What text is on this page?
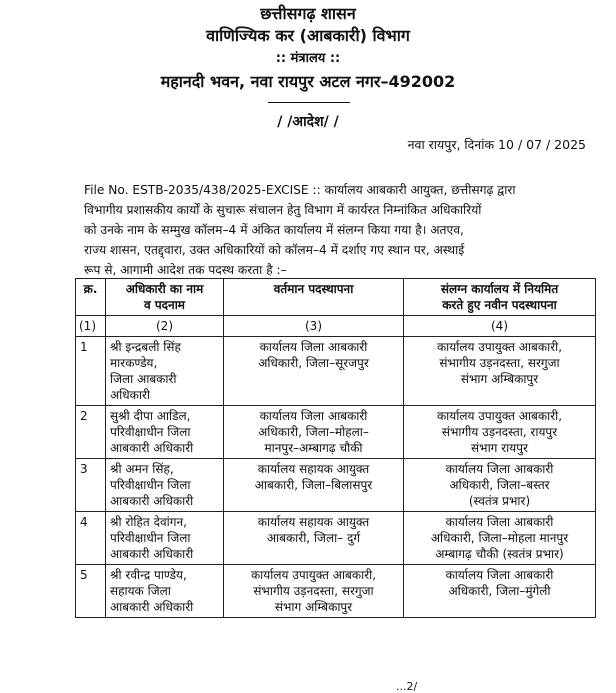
छत्तीसगढ़ शासन
वाणिज्यिक कर (आबकारी) विभाग
:: मंत्रालय ::
महानदी भवन, नवा रायपुर अटल नगर–492002
/ /आदेश/ /
नवा रायपुर, दिनांक 10 / 07 / 2025
File No. ESTB-2035/438/2025-EXCISE :: कार्यालय आबकारी आयुक्त, छत्तीसगढ़ द्वारा
विभागीय प्रशासकीय कार्यों के सुचारू संचालन हेतु विभाग में कार्यरत निम्नांकित अधिकारियों
को उनके नाम के सम्मुख कॉलम–4 में अंकित कार्यालय में संलग्न किया गया है। अतएव,
राज्य शासन, एतद्द्वारा, उक्त अधिकारियों को कॉलम–4 में दर्शाए गए स्थान पर, अस्थाई
रूप से, आगामी आदेश तक पदस्थ करता है :–
क्र.	अधिकारी का नाम
व पदनाम	वर्तमान पदस्थापना	संलग्न कार्यालय में नियमित
करते हुए नवीन पदस्थापना

(1)	(2)	(3)	(4)
1	श्री इन्द्रबली सिंह
मारकण्डेय,
जिला आबकारी
अधिकारी	कार्यालय जिला आबकारी
अधिकारी, जिला–सूरजपुर	कार्यालय उपायुक्त आबकारी,
संभागीय उड़नदस्ता, सरगुजा
संभाग अम्बिकापुर

2	सुश्री दीपा आडिल,
परिवीक्षाधीन जिला
आबकारी अधिकारी	कार्यालय जिला आबकारी
अधिकारी, जिला–मोहला–
मानपुर–अम्बागढ़ चौकी	कार्यालय उपायुक्त आबकारी,
संभागीय उड़नदस्ता, रायपुर
संभाग रायपुर

3	श्री अमन सिंह,
परिवीक्षाधीन जिला
आबकारी अधिकारी	कार्यालय सहायक आयुक्त
आबकारी, जिला–बिलासपुर	कार्यालय जिला आबकारी
अधिकारी, जिला–बस्तर
(स्वतंत्र प्रभार)

4	श्री रोहित देवांगन,
परिवीक्षाधीन जिला
आबकारी अधिकारी	कार्यालय सहायक आयुक्त
आबकारी, जिला– दुर्ग	कार्यालय जिला आबकारी
अधिकारी, जिला–मोहला मानपुर
अम्बागढ़ चौकी (स्वतंत्र प्रभार)

5	श्री रवीन्द्र पाण्डेय,
सहायक जिला
आबकारी अधिकारी	कार्यालय उपायुक्त आबकारी,
संभागीय उड़नदस्ता, सरगुजा
संभाग अम्बिकापुर	कार्यालय जिला आबकारी
अधिकारी, जिला–मुंगेली
...2/
